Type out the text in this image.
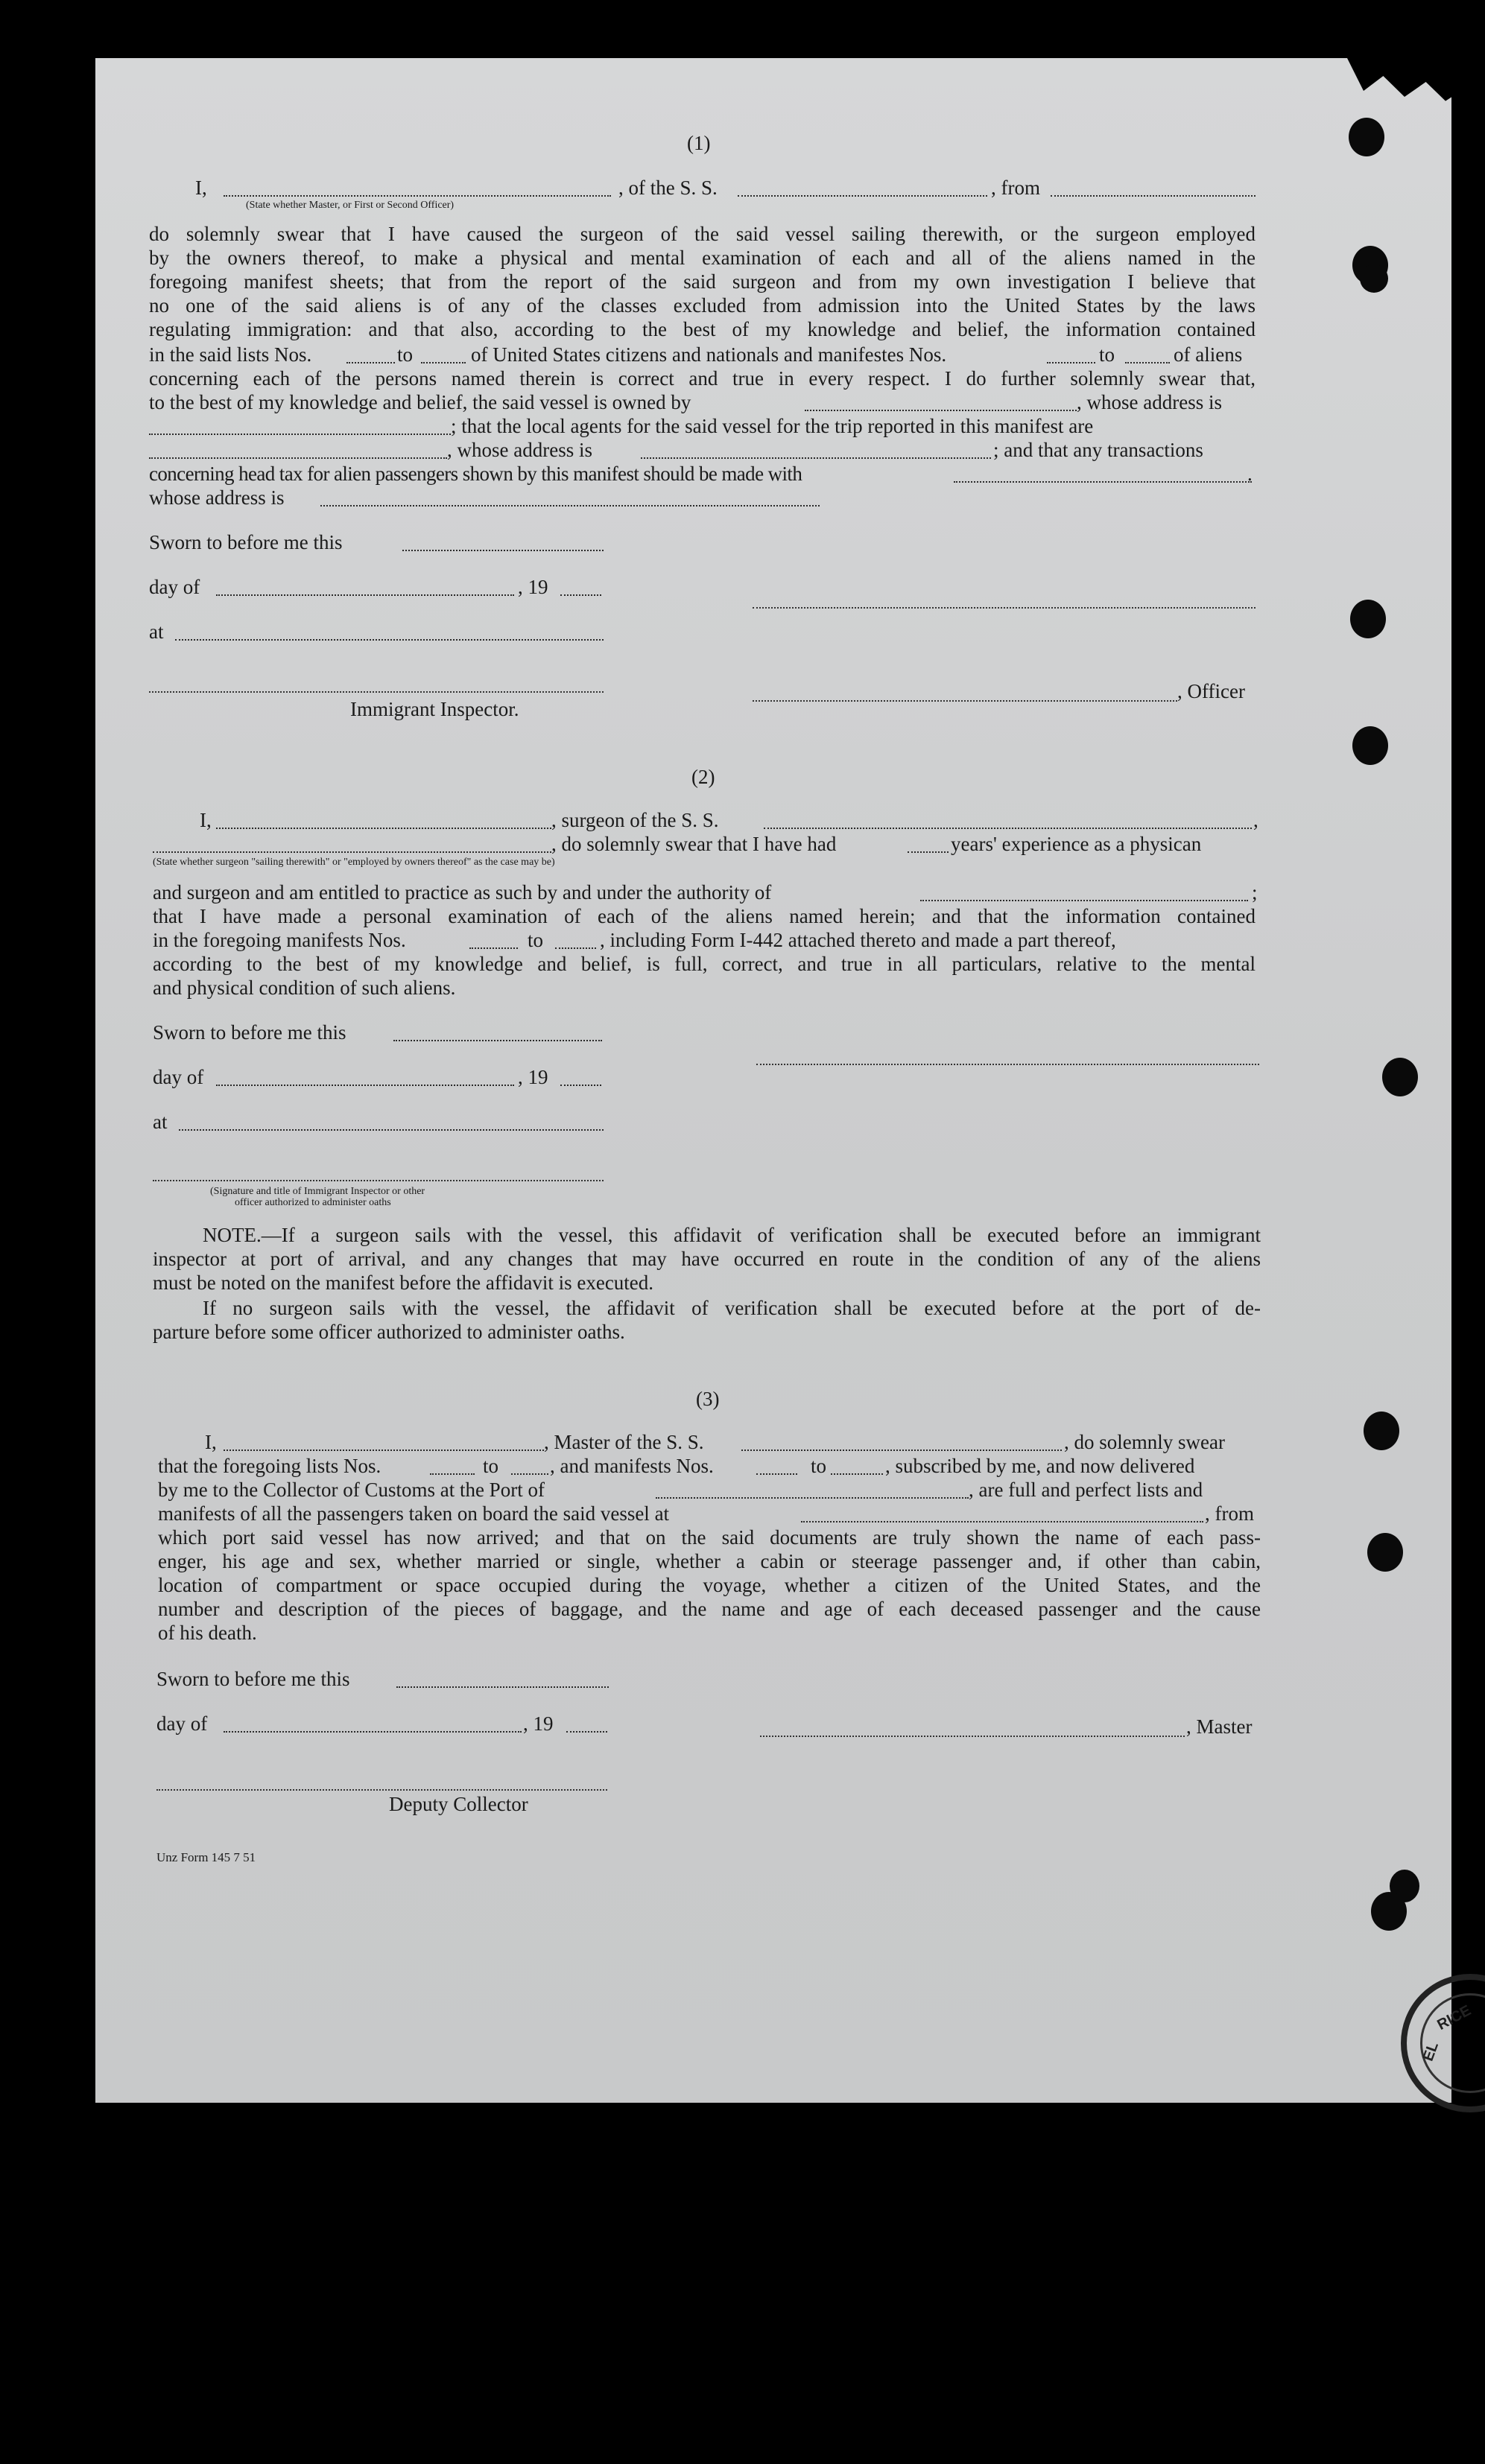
RICE
EL
(1)
I,	, of the S. S.	, from
(State whether Master, or First or Second Officer)
do solemnly swear that I have caused the surgeon of the said vessel sailing therewith, or the surgeon employed
by the owners thereof, to make a physical and mental examination of each and all of the aliens named in the
foregoing manifest sheets; that from the report of the said surgeon and from my own investigation I believe that
no one of the said aliens is of any of the classes excluded from admission into the United States by the laws
regulating immigration: and that also, according to the best of my knowledge and belief, the information contained
in the said lists Nos.	to	of United States citizens and nationals and manifestes Nos.	to	of aliens
concerning each of the persons named therein is correct and true in every respect. I do further solemnly swear that,
to the best of my knowledge and belief, the said vessel is owned by	, whose address is
; that the local agents for the said vessel for the trip reported in this manifest are
, whose address is	; and that any transactions
concerning head tax for alien passengers shown by this manifest should be made with	.
whose address is
Sworn to before me this
day of	, 19
at
, Officer
Immigrant Inspector.
(2)
I,	, surgeon of the S. S.	,
, do solemnly swear that I have had	years' experience as a physican
(State whether surgeon "sailing therewith" or "employed by owners thereof" as the case may be)
and surgeon and am entitled to practice as such by and under the authority of	;
that I have made a personal examination of each of the aliens named herein; and that the information contained
in the foregoing manifests Nos.	to	, including Form I-442 attached thereto and made a part thereof,
according to the best of my knowledge and belief, is full, correct, and true in all particulars, relative to the mental
and physical condition of such aliens.
Sworn to before me this
day of	, 19
at
(Signature and title of Immigrant Inspector or other
officer authorized to administer oaths
NOTE.—If a surgeon sails with the vessel, this affidavit of verification shall be executed before an immigrant
inspector at port of arrival, and any changes that may have occurred en route in the condition of any of the aliens
must be noted on the manifest before the affidavit is executed.
If no surgeon sails with the vessel, the affidavit of verification shall be executed before at the port of de-
parture before some officer authorized to administer oaths.
(3)
I,	, Master of the S. S.	, do solemnly swear
that the foregoing lists Nos.	to	, and manifests Nos.	to	, subscribed by me, and now delivered
by me to the Collector of Customs at the Port of	, are full and perfect lists and
manifests of all the passengers taken on board the said vessel at	, from
which port said vessel has now arrived; and that on the said documents are truly shown the name of each pass-
enger, his age and sex, whether married or single, whether a cabin or steerage passenger and, if other than cabin,
location of compartment or space occupied during the voyage, whether a citizen of the United States, and the
number and description of the pieces of baggage, and the name and age of each deceased passenger and the cause
of his death.
Sworn to before me this
day of	, 19	, Master
Deputy Collector
Unz Form 145 7 51
